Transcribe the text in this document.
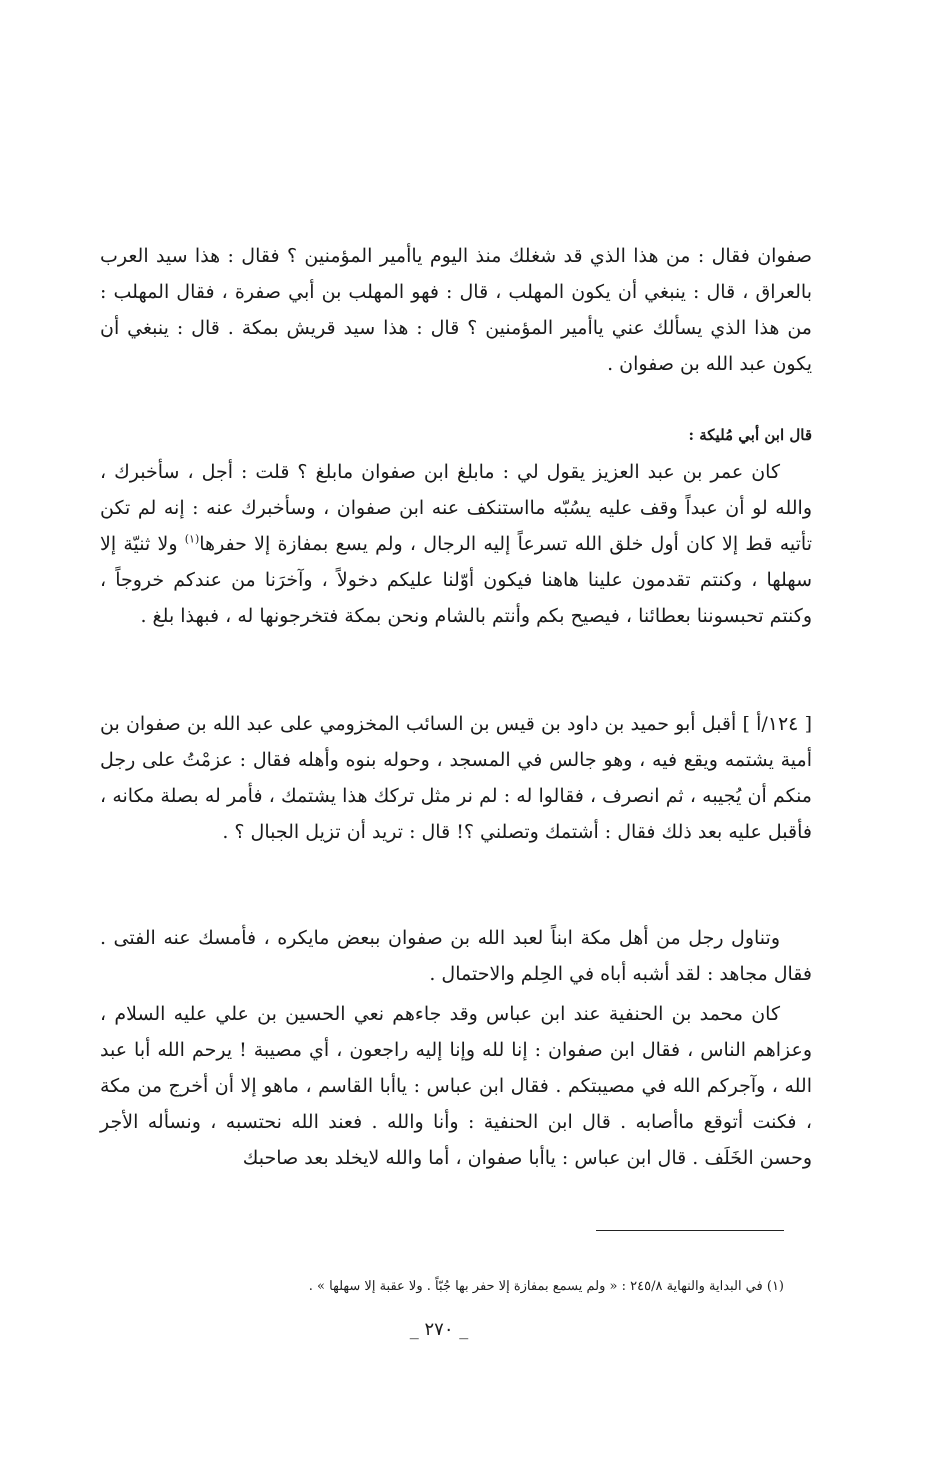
صفوان فقال : من هذا الذي قد شغلك منذ اليوم ياأمير المؤمنين ؟ فقال : هذا سيد العرب بالعراق ، قال : ينبغي أن يكون المهلب ، قال : فهو المهلب بن أبي صفرة ، فقال المهلب : من هذا الذي يسألك عني ياأمير المؤمنين ؟ قال : هذا سيد قريش بمكة . قال : ينبغي أن يكون عبد الله بن صفوان .

قال ابن أبي مُليكة :

كان عمر بن عبد العزيز يقول لي : مابلغ ابن صفوان مابلغ ؟ قلت : أجل ، سأخبرك ، والله لو أن عبداً وقف عليه يسُبّه مااستنكف عنه ابن صفوان ، وسأخبرك عنه : إنه لم تكن تأتيه قط إلا كان أول خلق الله تسرعاً إليه الرجال ، ولم يسع بمفازة إلا حفرها$^{(١)}$ ولا ثنيّة إلا سهلها ، وكنتم تقدمون علينا هاهنا فيكون أوّلنا عليكم دخولاً ، وآخرَنا من عندكم خروجاً ، وكنتم تحبسوننا بعطائنا ، فيصيح بكم وأنتم بالشام ونحن بمكة فتخرجونها له ، فبهذا بلغ .

[ ١٢٤/أ ] أقبل أبو حميد بن داود بن قيس بن السائب المخزومي على عبد الله بن صفوان بن أمية يشتمه ويقع فيه ، وهو جالس في المسجد ، وحوله بنوه وأهله فقال : عزمْتُ على رجل منكم أن يُجيبه ، ثم انصرف ، فقالوا له : لم نر مثل تركك هذا يشتمك ، فأمر له بصلة مكانه ، فأقبل عليه بعد ذلك فقال : أشتمك وتصلني ؟! قال : تريد أن تزيل الجبال ؟ .

وتناول رجل من أهل مكة ابناً لعبد الله بن صفوان ببعض مايكره ، فأمسك عنه الفتى . فقال مجاهد : لقد أشبه أباه في الحِلم والاحتمال .

كان محمد بن الحنفية عند ابن عباس وقد جاءهم نعي الحسين بن علي عليه السلام ، وعزاهم الناس ، فقال ابن صفوان : إنا لله وإنا إليه راجعون ، أي مصيبة ! يرحم الله أبا عبد الله ، وآجركم الله في مصيبتكم . فقال ابن عباس : ياأبا القاسم ، ماهو إلا أن أخرج من مكة ، فكنت أتوقع ماأصابه . قال ابن الحنفية : وأنا والله . فعند الله نحتسبه ، ونسأله الأجر وحسن الخَلَف . قال ابن عباس : ياأبا صفوان ، أما والله لايخلد بعد صاحبك

(١) في البداية والنهاية ٢٤٥/٨ : « ولم يسمع بمفازة إلا حفر بها جُبّاً . ولا عقبة إلا سهلها » .

_ ٢٧٠ _
